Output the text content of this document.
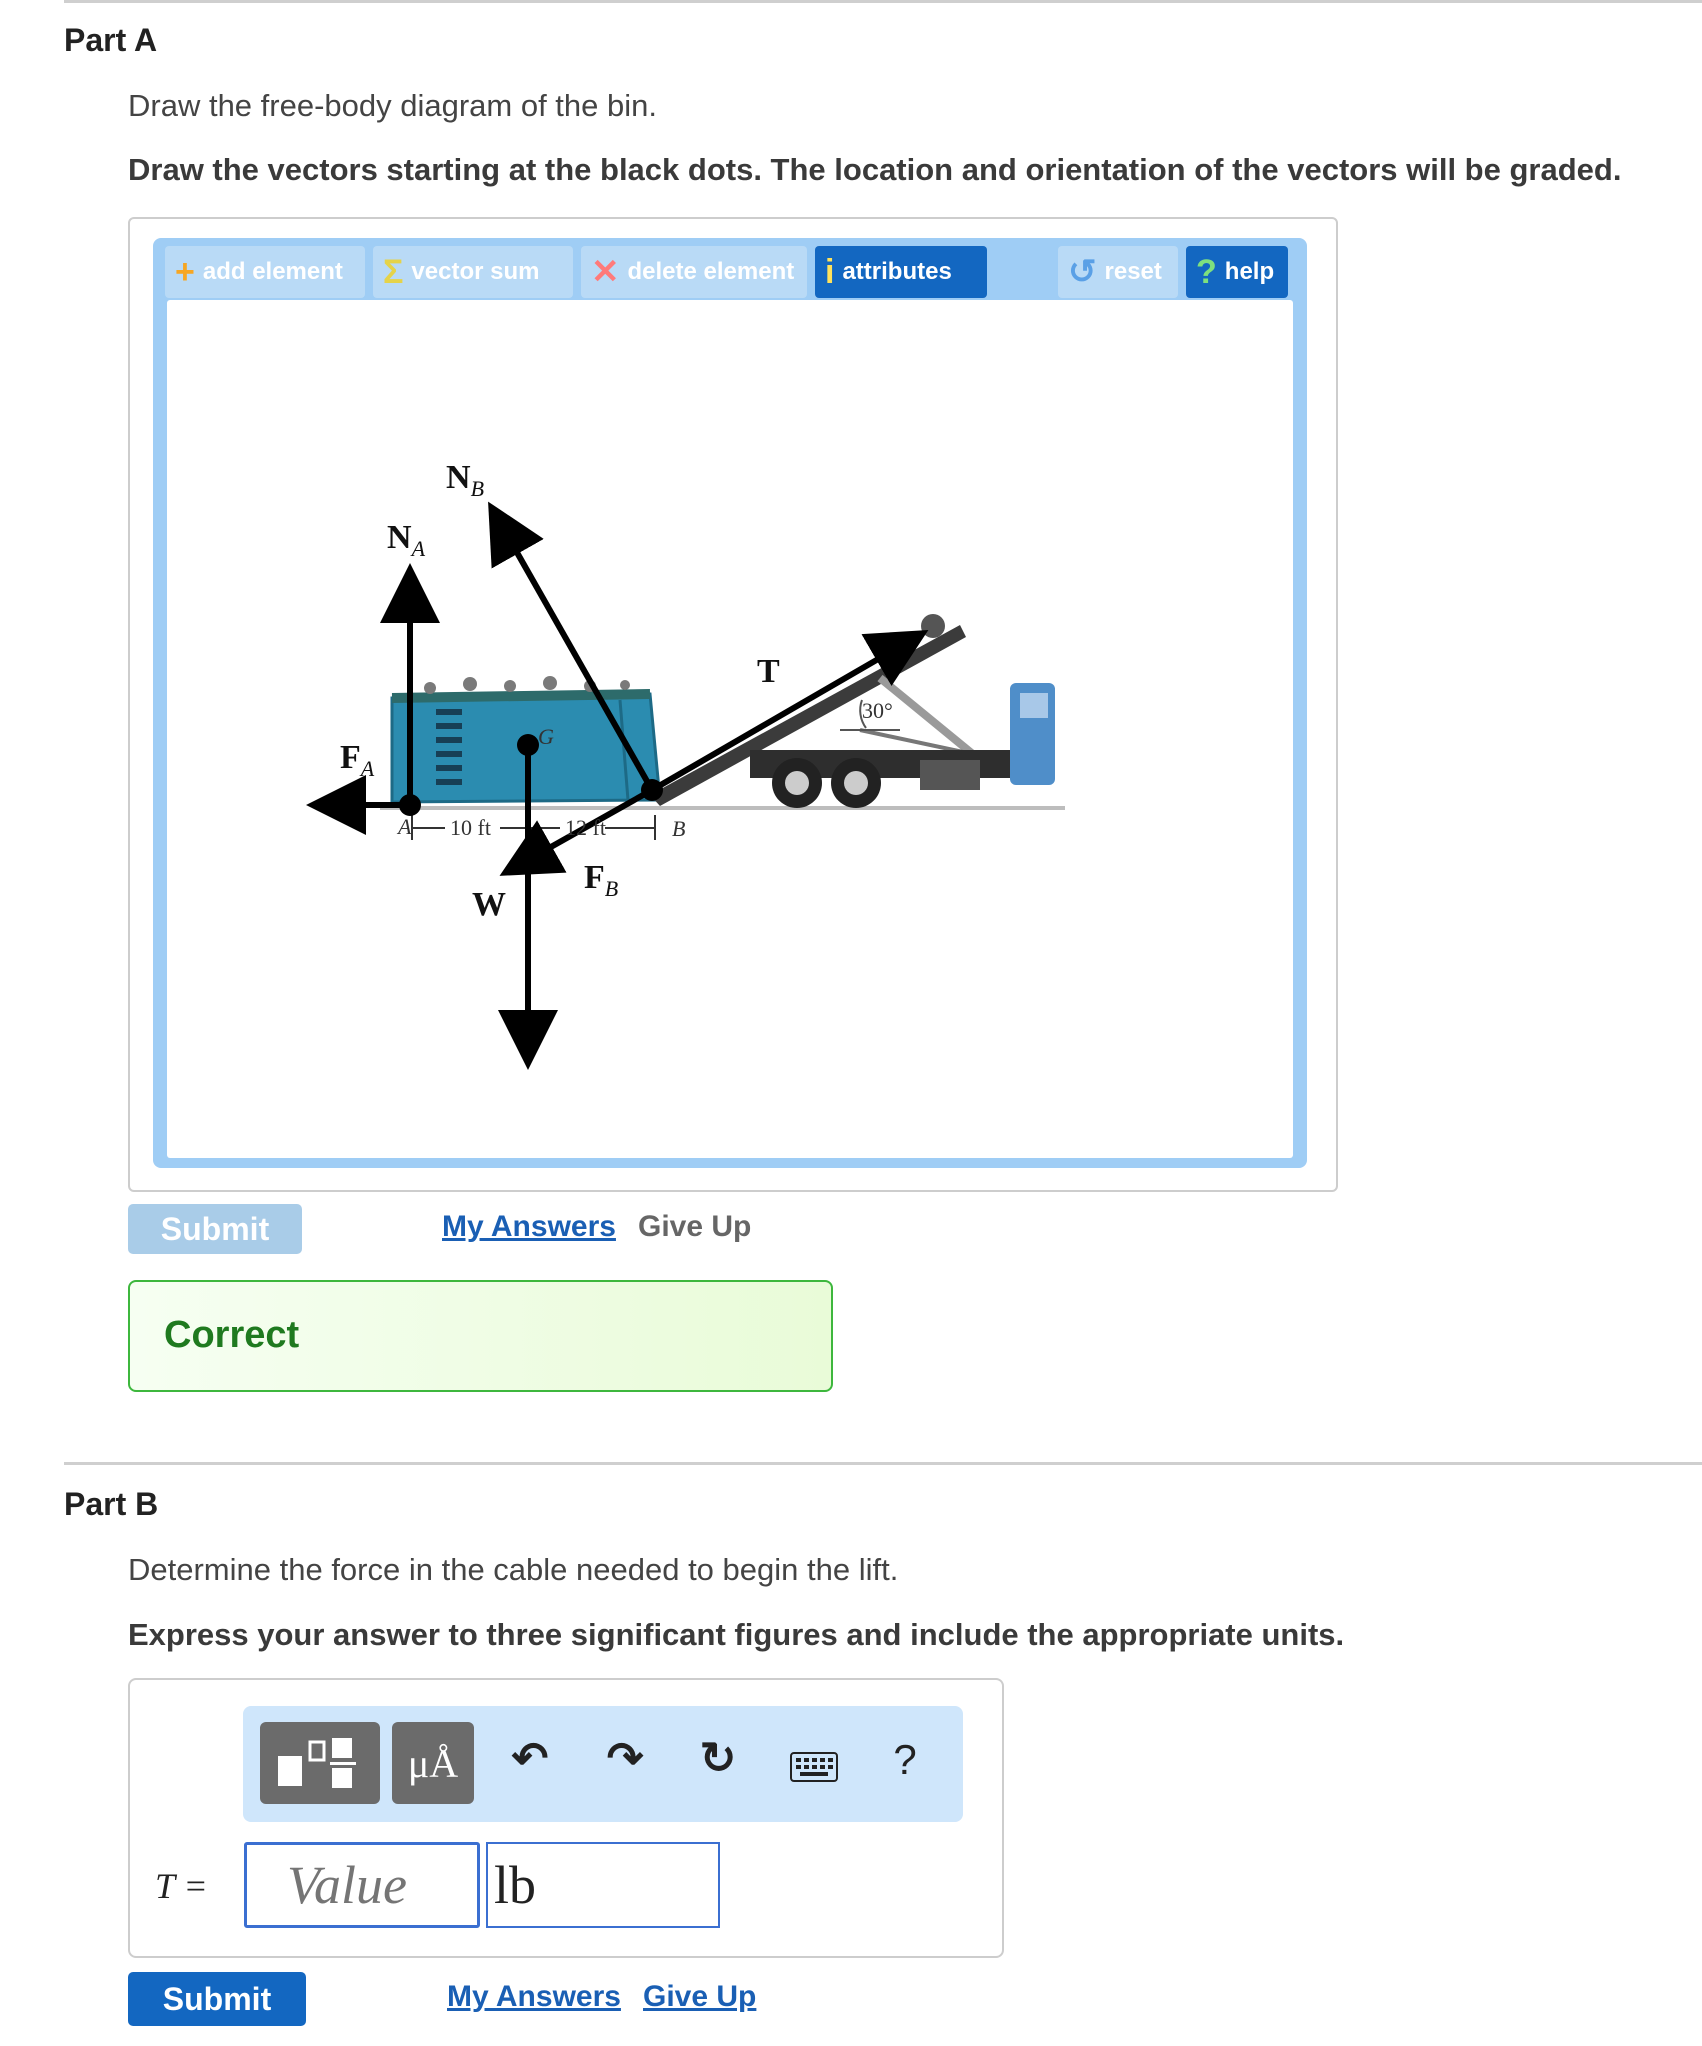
Part A
Draw the free-body diagram of the bin.
Draw the vectors starting at the black dots. The location and orientation of the vectors will be graded.
+ add element Σ vector sum ✕ delete element i attributes	↺ reset ? help
$N_B$
$N_A$
T
$F_A$
$F_B$
W
G
A	B
30°
10 ft	12 ft
Submit	My Answers Give Up
Correct
Part B
Determine the force in the cable needed to begin the lift.
Express your answer to three significant figures and include the appropriate units.
μÅ	↶ ↷ ↻	?
T =
Value	lb
Submit	My Answers Give Up
